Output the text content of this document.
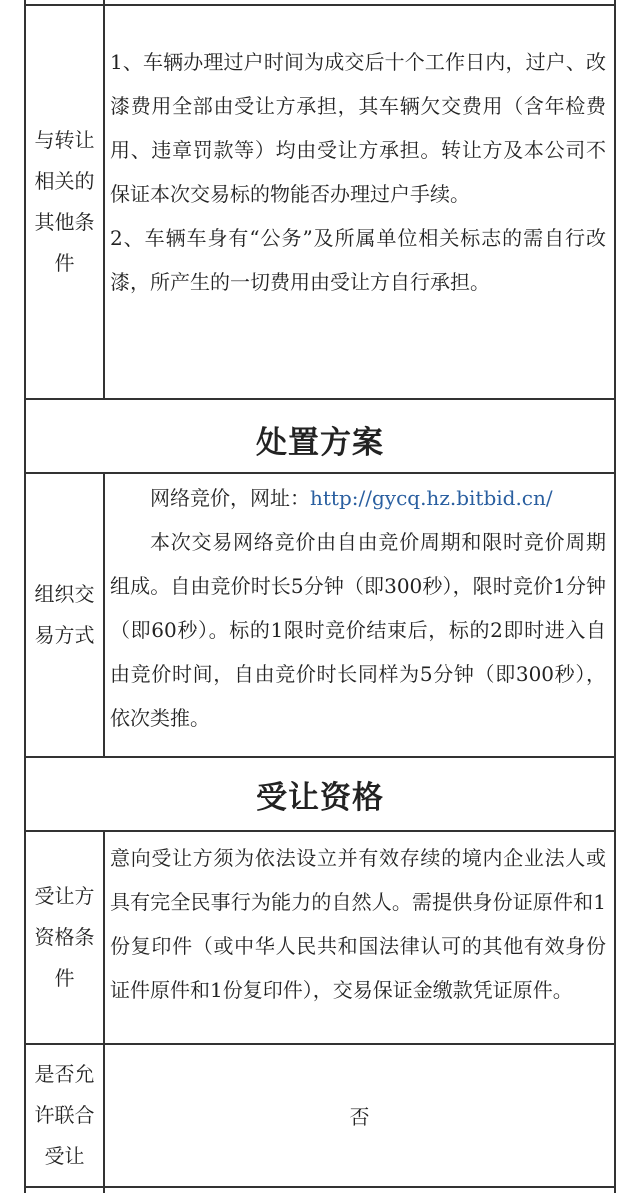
与转让相关的其他条件

1、车辆办理过户时间为成交后十个工作日内，过户、改漆费用全部由受让方承担，其车辆欠交费用（含年检费用、违章罚款等）均由受让方承担。转让方及本公司不保证本次交易标的物能否办理过户手续。

2、车辆车身有“公务”及所属单位相关标志的需自行改漆，所产生的一切费用由受让方自行承担。

处置方案
组织交易方式

网络竞价，网址：http://gycq.hz.bitbid.cn/

本次交易网络竞价由自由竞价周期和限时竞价周期组成。自由竞价时长5分钟（即300秒），限时竞价1分钟（即60秒）。标的1限时竞价结束后，标的2即时进入自由竞价时间，自由竞价时长同样为5分钟（即300秒），依次类推。

受让资格
受让方资格条件

意向受让方须为依法设立并有效存续的境内企业法人或具有完全民事行为能力的自然人。需提供身份证原件和1份复印件（或中华人民共和国法律认可的其他有效身份证件原件和1份复印件），交易保证金缴款凭证原件。

是否允许联合受让
否
